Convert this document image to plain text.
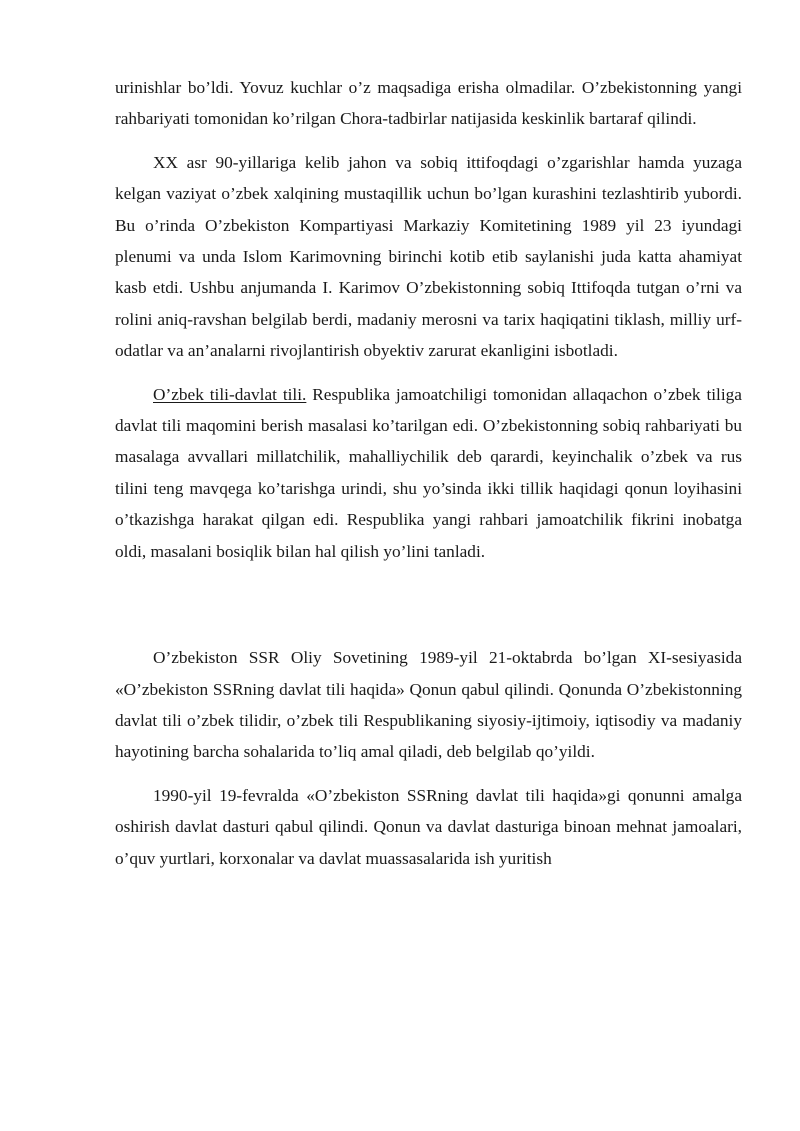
urinishlar bo’ldi. Yovuz kuchlar o’z maqsadiga erisha olmadilar. O’zbekistonning yangi rahbariyati tomonidan ko’rilgan Chora-tadbirlar natijasida keskinlik bartaraf qilindi.

XX asr 90-yillariga kelib jahon va sobiq ittifoqdagi o’zgarishlar hamda yuzaga kelgan vaziyat o’zbek xalqining mustaqillik uchun bo’lgan kurashini tezlashtirib yubordi. Bu o’rinda O’zbekiston Kompartiyasi Markaziy Komitetining 1989 yil 23 iyundagi plenumi va unda Islom Karimovning birinchi kotib etib saylanishi juda katta ahamiyat kasb etdi. Ushbu anjumanda I. Karimov O’zbekistonning sobiq Ittifoqda tutgan o’rni va rolini aniq-ravshan belgilab berdi, madaniy merosni va tarix haqiqatini tiklash, milliy urf-odatlar va an’analarni rivojlantirish obyektiv zarurat ekanligini isbotladi.

O’zbek tili-davlat tili. Respublika jamoatchiligi tomonidan allaqachon o’zbek tiliga davlat tili maqomini berish masalasi ko’tarilgan edi. O’zbekistonning sobiq rahbariyati bu masalaga avvallari millatchilik, mahalliychilik deb qarardi, keyinchalik o’zbek va rus tilini teng mavqega ko’tarishga urindi, shu yo’sinda ikki tillik haqidagi qonun loyihasini o’tkazishga harakat qilgan edi. Respublika yangi rahbari jamoatchilik fikrini inobatga oldi, masalani bosiqlik bilan hal qilish yo’lini tanladi.

O’zbekiston SSR Oliy Sovetining 1989-yil 21-oktabrda bo’lgan XI-sesiyasida «O’zbekiston SSRning davlat tili haqida» Qonun qabul qilindi. Qonunda O’zbekistonning davlat tili o’zbek tilidir, o’zbek tili Respublikaning siyosiy-ijtimoiy, iqtisodiy va madaniy hayotining barcha sohalarida to’liq amal qiladi, deb belgilab qo’yildi.

1990-yil 19-fevralda «O’zbekiston SSRning davlat tili haqida»gi qonunni amalga oshirish davlat dasturi qabul qilindi. Qonun va davlat dasturiga binoan mehnat jamoalari, o’quv yurtlari, korxonalar va davlat muassasalarida ish yuritish
